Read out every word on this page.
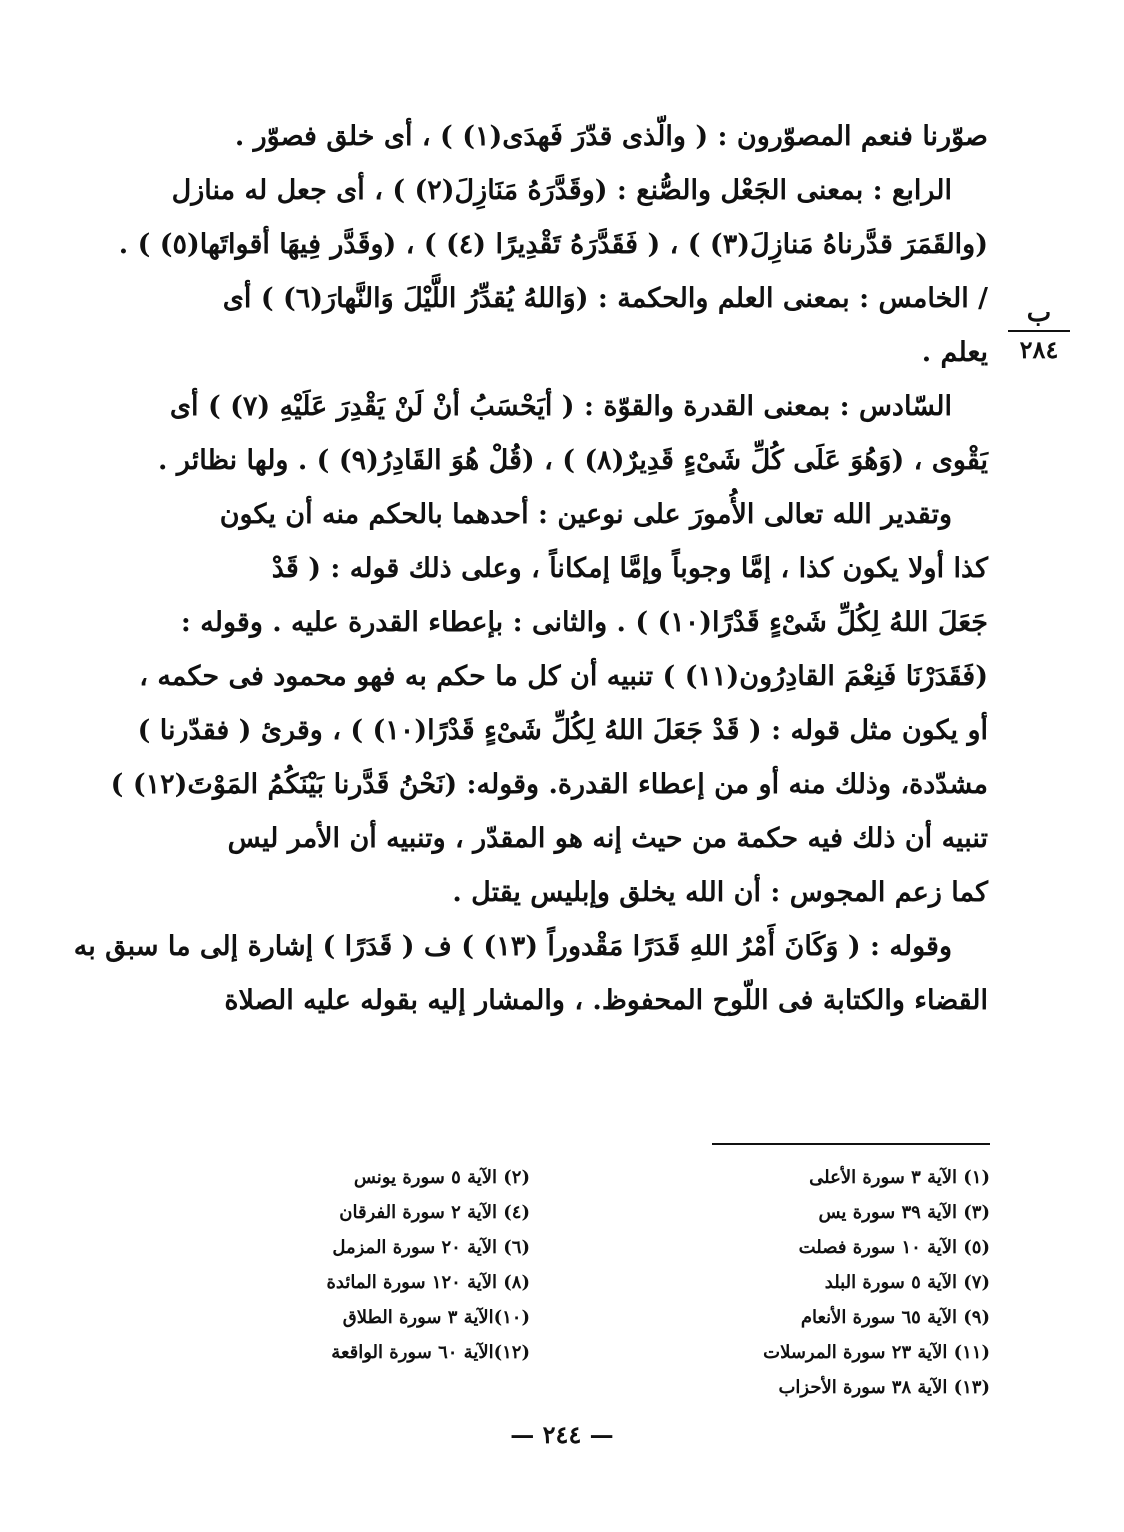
صوّرنا فنعم المصوّرون : ( والّذى قدّرَ فَهدَى(١) ) ، أى خلق فصوّر .
الرابع : بمعنى الجَعْل والصُّنع : (وقَدَّرَهُ مَنَازِلَ(٢) ) ، أى جعل له منازل
(والقَمَرَ قدَّرناهُ مَنازِلَ(٣) ) ، ( فَقَدَّرَهُ تَقْدِيرًا (٤) ) ، (وقَدَّر فِيهَا أقواتَها(٥) ) .
/ الخامس : بمعنى العلم والحكمة : (وَاللهُ يُقدِّرُ اللَّيْلَ وَالنَّهارَ(٦) ) أى
يعلم .
السّادس : بمعنى القدرة والقوّة : ( أيَحْسَبُ أنْ لَنْ يَقْدِرَ عَلَيْهِ (٧) ) أى
يَقْوى ، (وَهُوَ عَلَى كُلِّ شَىْءٍ قَدِيرٌ(٨) ) ، (قُلْ هُوَ القَادِرُ(٩) ) . ولها نظائر .
وتقدير الله تعالى الأُمورَ على نوعين : أحدهما بالحكم منه أن يكون
كذا أولا يكون كذا ، إمَّا وجوباً وإمَّا إمكاناً ، وعلى ذلك قوله : ( قَدْ
جَعَلَ اللهُ لِكُلِّ شَىْءٍ قَدْرًا(١٠) ) . والثانى : بإعطاء القدرة عليه . وقوله :
(فَقَدَرْنَا فَنِعْمَ القادِرُون(١١) ) تنبيه أن كل ما حكم به فهو محمود فى حكمه ،
أو يكون مثل قوله : ( قَدْ جَعَلَ اللهُ لِكُلِّ شَىْءٍ قَدْرًا(١٠) ) ، وقرئ ( فقدّرنا )
مشدّدة، وذلك منه أو من إعطاء القدرة. وقوله: (نَحْنُ قَدَّرنا بَيْنَكُمُ المَوْتَ(١٢) )
تنبيه أن ذلك فيه حكمة من حيث إنه هو المقدّر ، وتنبيه أن الأمر ليس
كما زعم المجوس : أن الله يخلق وإبليس يقتل .
وقوله : ( وَكَانَ أَمْرُ اللهِ قَدَرًا مَقْدوراً (١٣) ) ف ( قَدَرًا ) إشارة إلى ما سبق به
القضاء والكتابة فى اللّوح المحفوظ. ، والمشار إليه بقوله عليه الصلاة
ب
٢٨٤
(١) الآية ٣ سورة الأعلى
(٣) الآية ٣٩ سورة يس
(٥) الآية ١٠ سورة فصلت
(٧) الآية ٥ سورة البلد
(٩) الآية ٦٥ سورة الأنعام
(١١) الآية ٢٣ سورة المرسلات
(١٣) الآية ٣٨ سورة الأحزاب
(٢) الآية ٥ سورة يونس
(٤) الآية ٢ سورة الفرقان
(٦) الآية ٢٠ سورة المزمل
(٨) الآية ١٢٠ سورة المائدة
(١٠)الآية ٣ سورة الطلاق
(١٢)الآية ٦٠ سورة الواقعة
— ٢٤٤ —
